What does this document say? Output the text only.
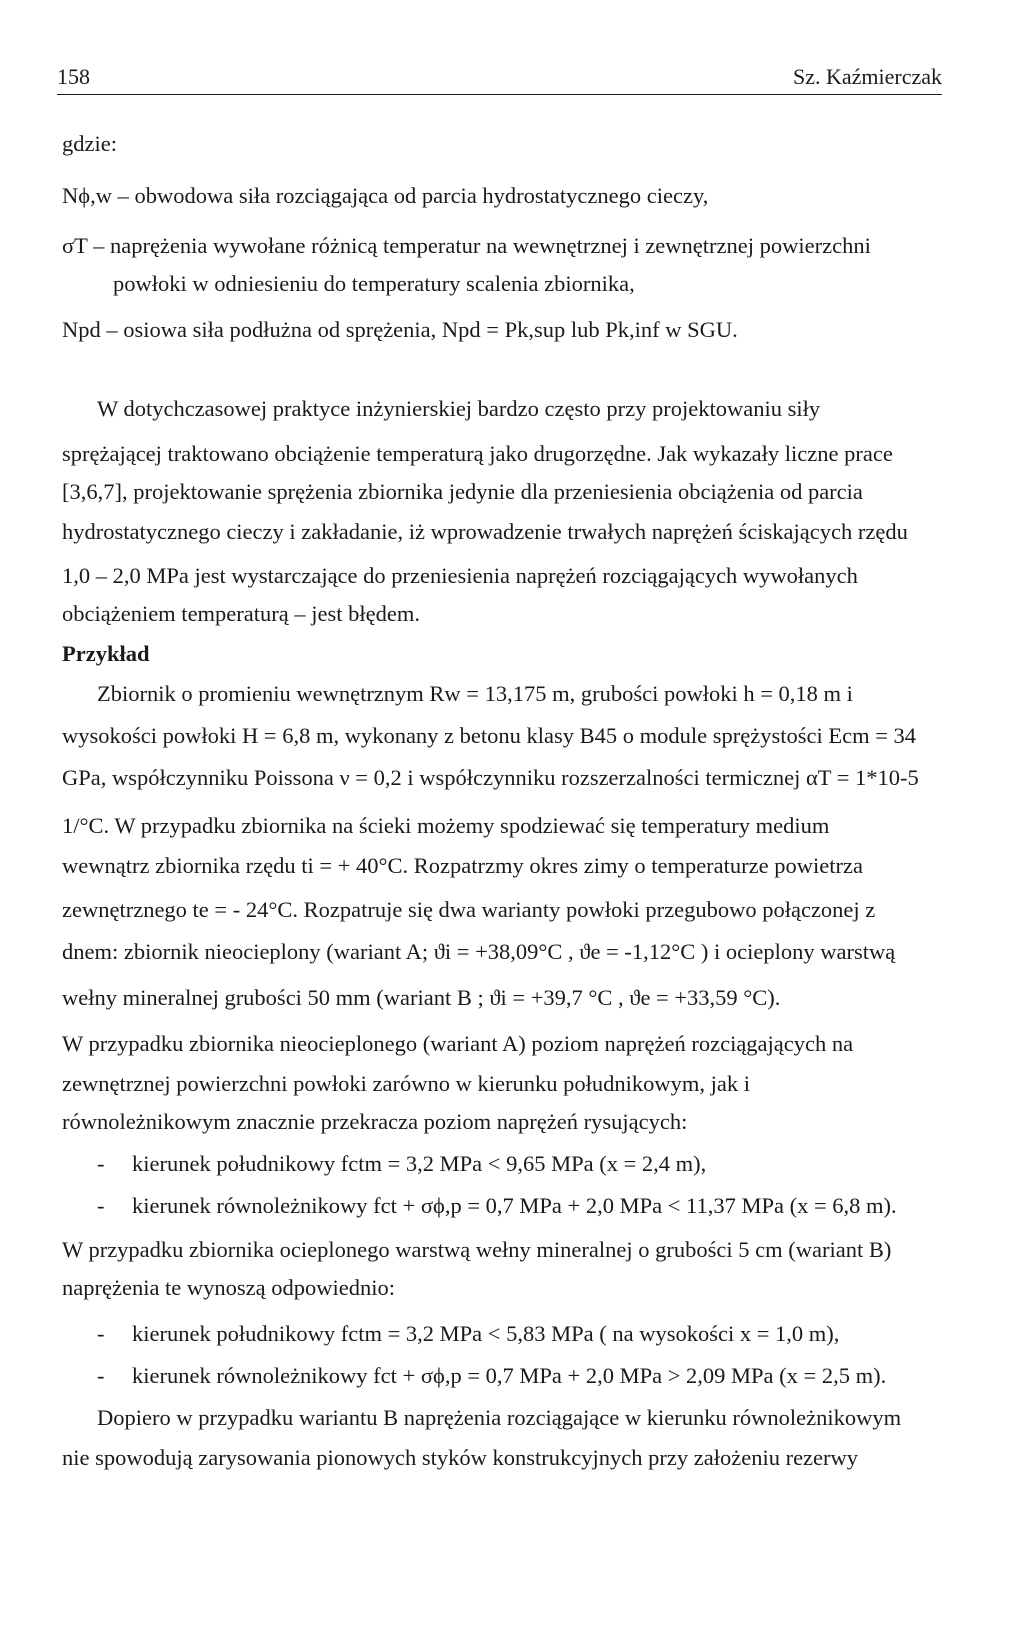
158	Sz. Kaźmierczak
gdzie:
Nϕ,w – obwodowa siła rozciągająca od parcia hydrostatycznego cieczy,
σT – naprężenia wywołane różnicą temperatur na wewnętrznej i zewnętrznej powierzchni
powłoki w odniesieniu do temperatury scalenia zbiornika,
Npd – osiowa siła podłużna od sprężenia, Npd = Pk,sup lub Pk,inf w SGU.
W dotychczasowej praktyce inżynierskiej bardzo często przy projektowaniu siły
sprężającej traktowano obciążenie temperaturą jako drugorzędne. Jak wykazały liczne prace
[3,6,7], projektowanie sprężenia zbiornika jedynie dla przeniesienia obciążenia od parcia
hydrostatycznego cieczy i zakładanie, iż wprowadzenie trwałych naprężeń ściskających rzędu
1,0 – 2,0 MPa jest wystarczające do przeniesienia naprężeń rozciągających wywołanych
obciążeniem temperaturą – jest błędem.
Przykład
Zbiornik o promieniu wewnętrznym Rw = 13,175 m, grubości powłoki h = 0,18 m i
wysokości powłoki H = 6,8 m, wykonany z betonu klasy B45 o module sprężystości Ecm = 34
GPa, współczynniku Poissona ν = 0,2 i współczynniku rozszerzalności termicznej αT = 1*10-5
1/°C. W przypadku zbiornika na ścieki możemy spodziewać się temperatury medium
wewnątrz zbiornika rzędu ti = + 40°C. Rozpatrzmy okres zimy o temperaturze powietrza
zewnętrznego te = - 24°C. Rozpatruje się dwa warianty powłoki przegubowo połączonej z
dnem: zbiornik nieocieplony (wariant A; ϑi = +38,09°C , ϑe = -1,12°C ) i ocieplony warstwą
wełny mineralnej grubości 50 mm (wariant B ; ϑi = +39,7 °C , ϑe = +33,59 °C).
W przypadku zbiornika nieocieplonego (wariant A) poziom naprężeń rozciągających na
zewnętrznej powierzchni powłoki zarówno w kierunku południkowym, jak i
równoleżnikowym znacznie przekracza poziom naprężeń rysujących:
- kierunek południkowy fctm = 3,2 MPa < 9,65 MPa (x = 2,4 m),
- kierunek równoleżnikowy fct + σϕ,p = 0,7 MPa + 2,0 MPa < 11,37 MPa (x = 6,8 m).
W przypadku zbiornika ocieplonego warstwą wełny mineralnej o grubości 5 cm (wariant B)
naprężenia te wynoszą odpowiednio:
- kierunek południkowy fctm = 3,2 MPa < 5,83 MPa ( na wysokości x = 1,0 m),
- kierunek równoleżnikowy fct + σϕ,p = 0,7 MPa + 2,0 MPa > 2,09 MPa (x = 2,5 m).
Dopiero w przypadku wariantu B naprężenia rozciągające w kierunku równoleżnikowym
nie spowodują zarysowania pionowych styków konstrukcyjnych przy założeniu rezerwy
